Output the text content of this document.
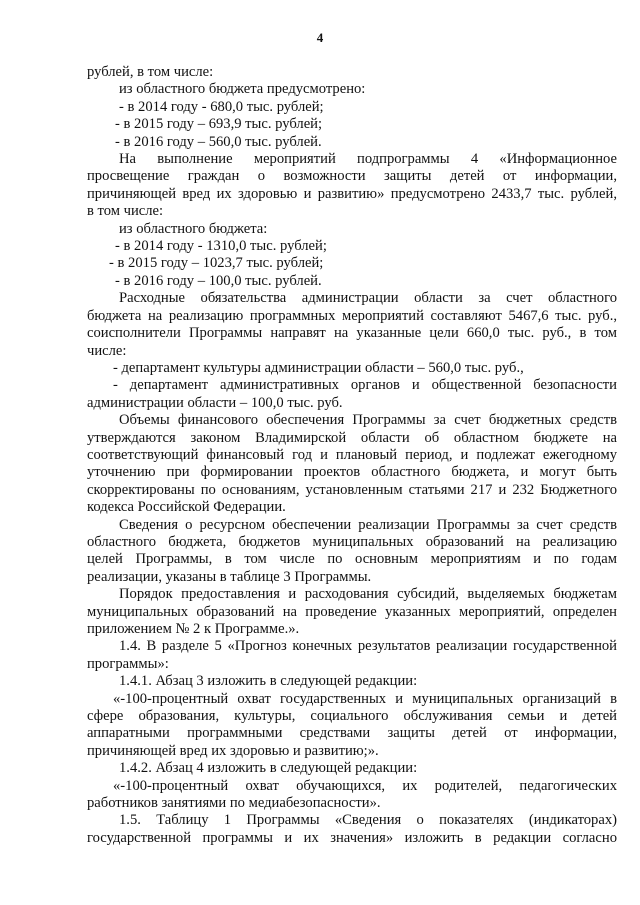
4
рублей, в том числе:
из областного бюджета предусмотрено:
- в 2014 году - 680,0 тыс. рублей;
- в 2015 году – 693,9 тыс. рублей;
- в 2016 году – 560,0 тыс. рублей.
На выполнение мероприятий подпрограммы 4 «Информационное
просвещение граждан о возможности защиты детей от информации,
причиняющей вред их здоровью и развитию» предусмотрено 2433,7 тыс. рублей,
в том числе:
из областного бюджета:
- в 2014 году - 1310,0 тыс. рублей;
- в 2015 году – 1023,7 тыс. рублей;
- в 2016 году – 100,0 тыс. рублей.
Расходные обязательства администрации области за счет областного
бюджета на реализацию программных мероприятий составляют 5467,6 тыс. руб.,
соисполнители Программы направят на указанные цели 660,0 тыс. руб., в том
числе:
- департамент культуры администрации области – 560,0 тыс. руб.,
- департамент административных органов и общественной безопасности
администрации области – 100,0 тыс. руб.
Объемы финансового обеспечения Программы за счет бюджетных средств
утверждаются законом Владимирской области об областном бюджете на
соответствующий финансовый год и плановый период, и подлежат ежегодному
уточнению при формировании проектов областного бюджета, и могут быть
скорректированы по основаниям, установленным статьями 217 и 232 Бюджетного
кодекса Российской Федерации.
Сведения о ресурсном обеспечении реализации Программы за счет средств
областного бюджета, бюджетов муниципальных образований на реализацию
целей Программы, в том числе по основным мероприятиям и по годам
реализации, указаны в таблице 3 Программы.
Порядок предоставления и расходования субсидий, выделяемых бюджетам
муниципальных образований на проведение указанных мероприятий, определен
приложением № 2 к Программе.».
1.4. В разделе 5 «Прогноз конечных результатов реализации государственной
программы»:
1.4.1. Абзац 3 изложить в следующей редакции:
«-100-процентный охват государственных и муниципальных организаций в
сфере образования, культуры, социального обслуживания семьи и детей
аппаратными программными средствами защиты детей от информации,
причиняющей вред их здоровью и развитию;».
1.4.2. Абзац 4 изложить в следующей редакции:
«-100-процентный охват обучающихся, их родителей, педагогических
работников занятиями по медиабезопасности».
1.5. Таблицу 1 Программы «Сведения о показателях (индикаторах)
государственной программы и их значения» изложить в редакции согласно
